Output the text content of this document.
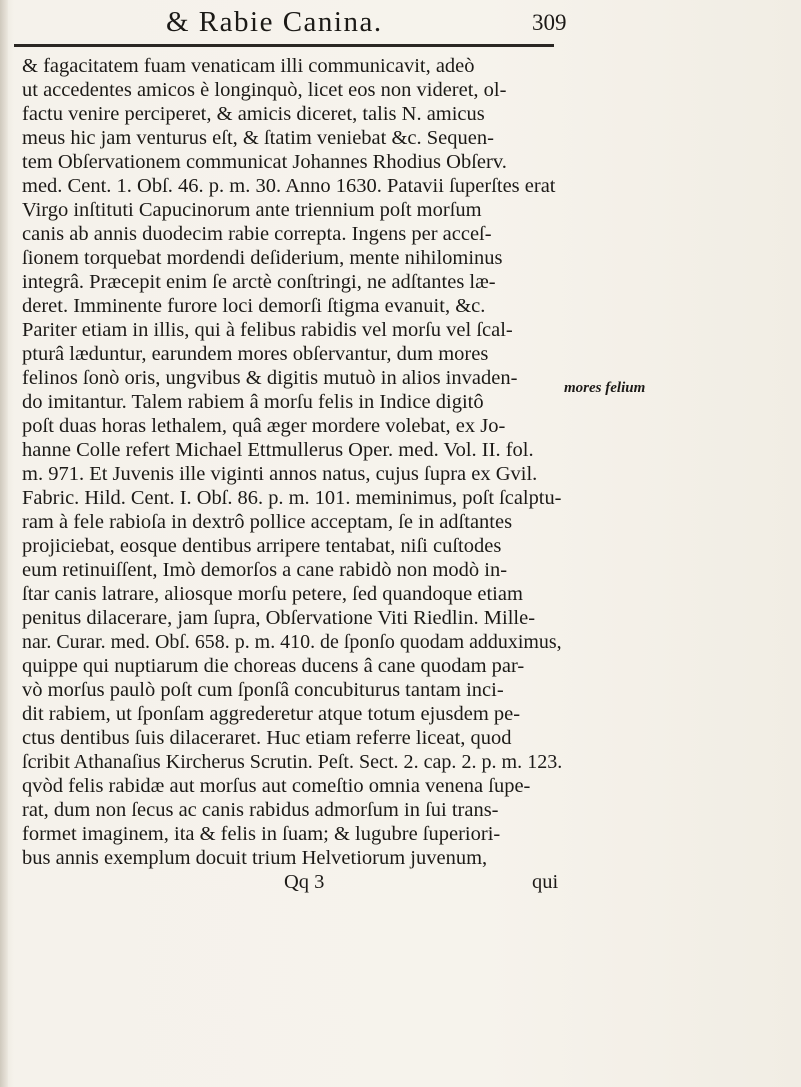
& Rabie Canina.	309
& fagacitatem fuam venaticam illi communicavit, adeò
ut accedentes amicos è longinquò, licet eos non videret, ol-
factu venire perciperet, & amicis diceret, talis N. amicus
meus hic jam venturus eſt, & ſtatim veniebat &c. Sequen-
tem Obſervationem communicat Johannes Rhodius Obſerv.
med. Cent. 1. Obſ. 46. p. m. 30. Anno 1630. Patavii ſuperſtes erat
Virgo inſtituti Capucinorum ante triennium poſt morſum
canis ab annis duodecim rabie correpta. Ingens per acceſ-
ſionem torquebat mordendi deſiderium, mente nihilominus
integrâ. Præcepit enim ſe arctè conſtringi, ne adſtantes læ-
deret. Imminente furore loci demorſi ſtigma evanuit, &c.
Pariter etiam in illis, qui à felibus rabidis vel morſu vel ſcal-
pturâ læduntur, earundem mores obſervantur, dum mores
felinos ſonò oris, ungvibus & digitis mutuò in alios invaden-
do imitantur. Talem rabiem â morſu felis in Indice digitô
poſt duas horas lethalem, quâ æger mordere volebat, ex Jo-
hanne Colle refert Michael Ettmullerus Oper. med. Vol. II. fol.
m. 971. Et Juvenis ille viginti annos natus, cujus ſupra ex Gvil.
Fabric. Hild. Cent. I. Obſ. 86. p. m. 101. meminimus, poſt ſcalptu-
ram à fele rabioſa in dextrô pollice acceptam, ſe in adſtantes
projiciebat, eosque dentibus arripere tentabat, niſi cuſtodes
eum retinuiſſent, Imò demorſos a cane rabidò non modò in-
ſtar canis latrare, aliosque morſu petere, ſed quandoque etiam
penitus dilacerare, jam ſupra, Obſervatione Viti Riedlin. Mille-
nar. Curar. med. Obſ. 658. p. m. 410. de ſponſo quodam adduximus,
quippe qui nuptiarum die choreas ducens â cane quodam par-
vò morſus paulò poſt cum ſponſâ concubiturus tantam inci-
dit rabiem, ut ſponſam aggrederetur atque totum ejusdem pe-
ctus dentibus ſuis dilaceraret. Huc etiam referre liceat, quod
ſcribit Athanaſius Kircherus Scrutin. Peſt. Sect. 2. cap. 2. p. m. 123.
qvòd felis rabidæ aut morſus aut comeſtio omnia venena ſupe-
rat, dum non ſecus ac canis rabidus admorſum in ſui trans-
formet imaginem, ita & felis in ſuam; & lugubre ſuperiori-
bus annis exemplum docuit trium Helvetiorum juvenum,
Qq 3	qui
mores felium
